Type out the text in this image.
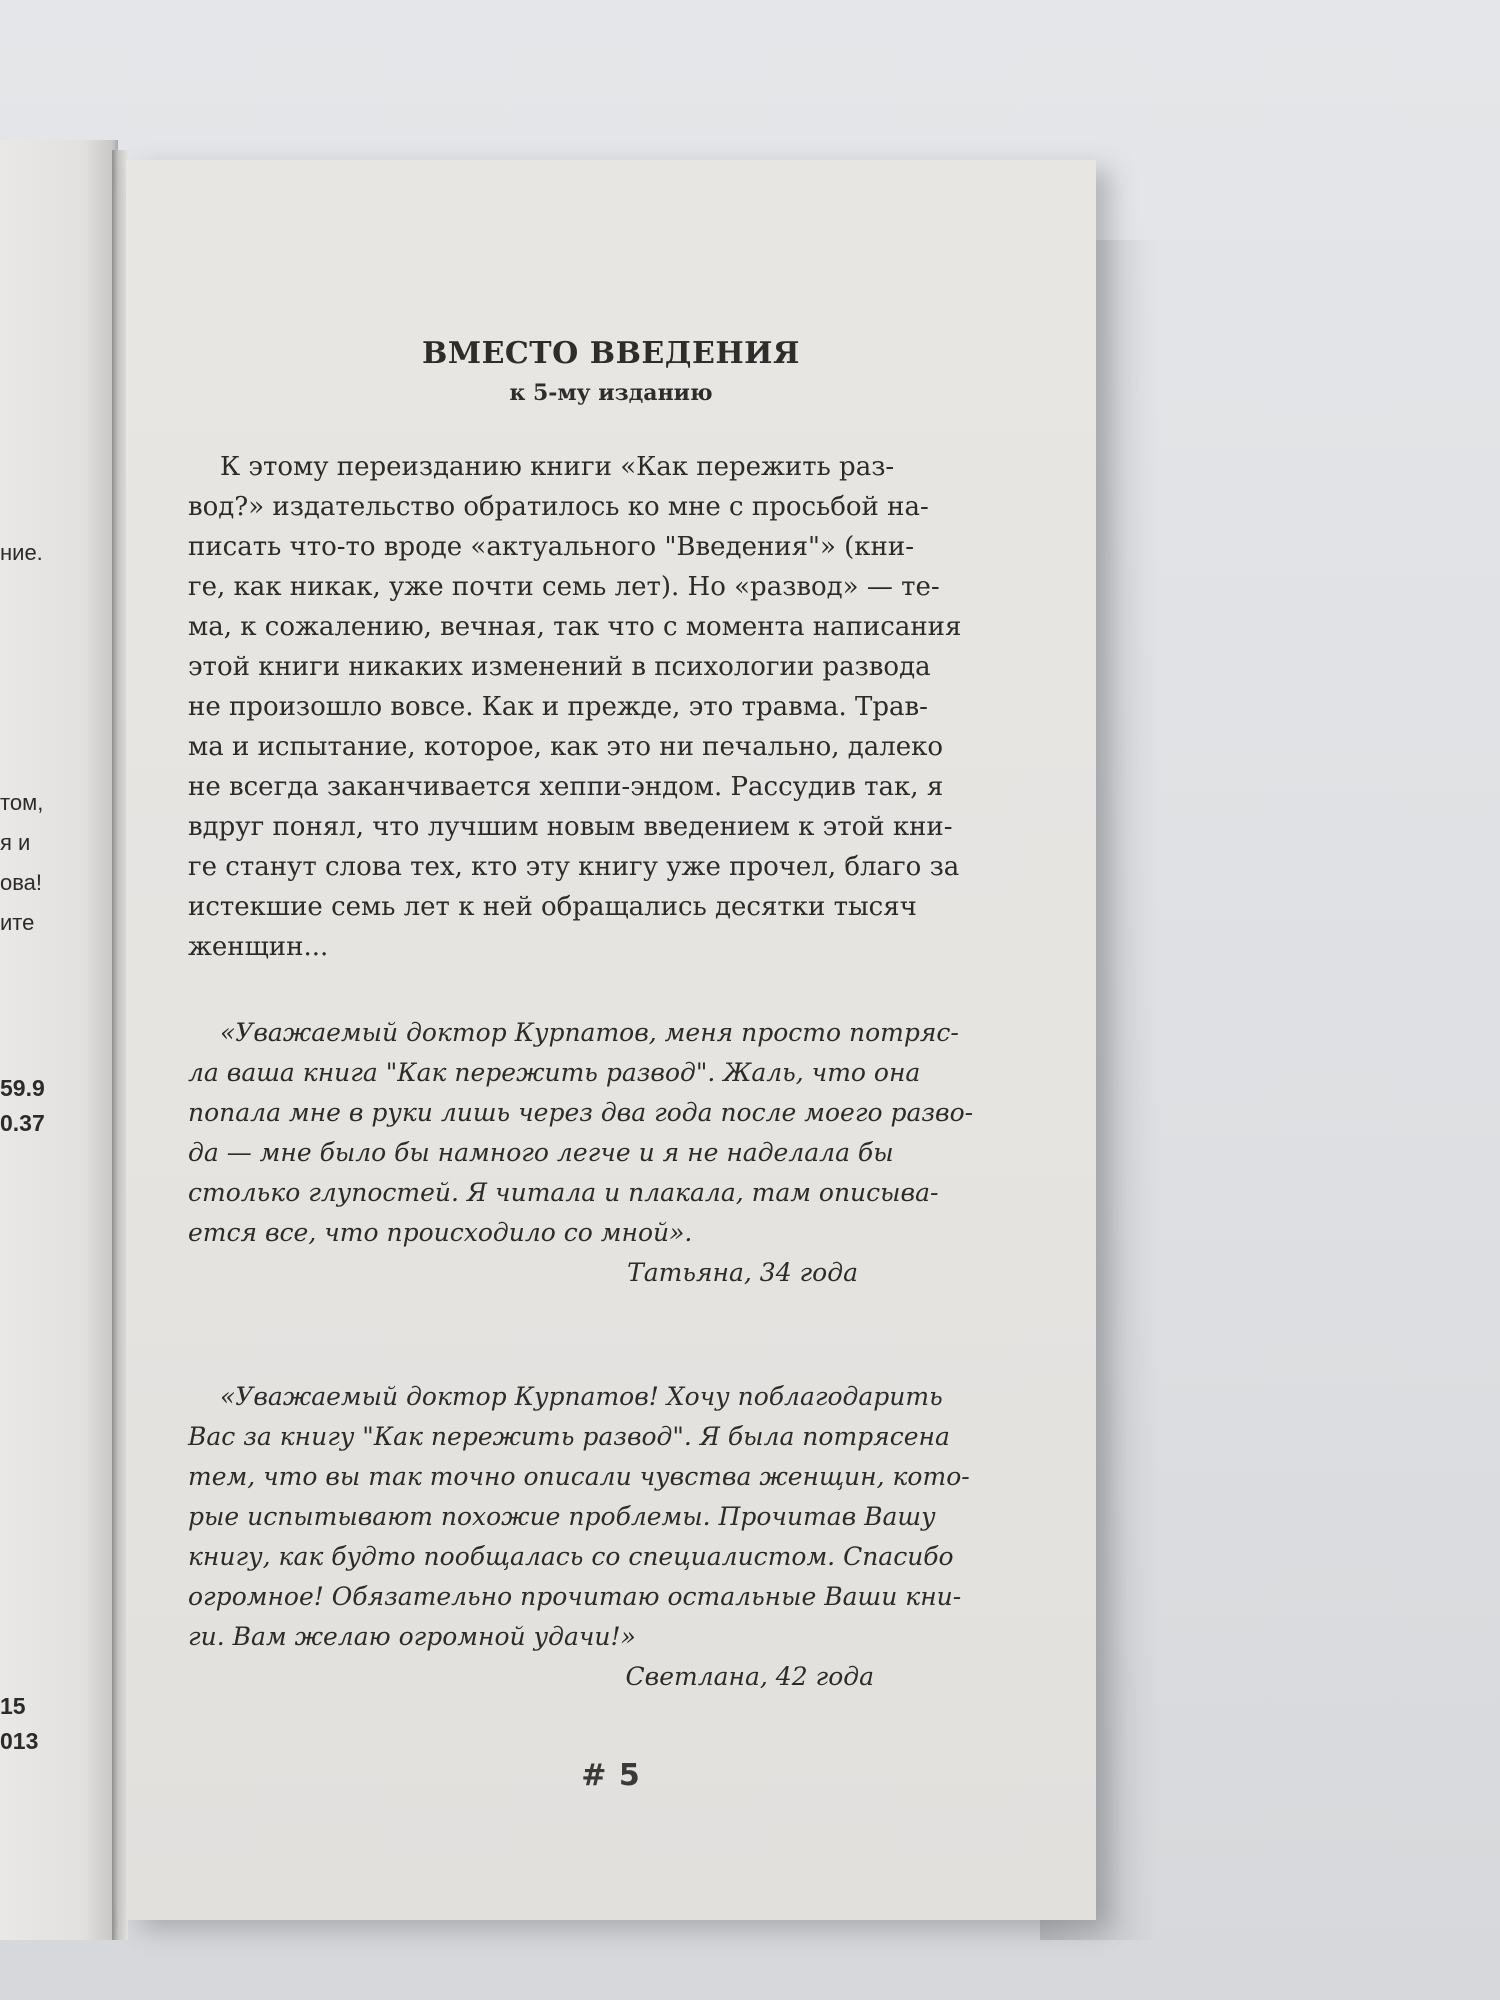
ние.
том,
я и
ова!
ите
59.9
0.37
15
013
ВМЕСТО ВВЕДЕНИЯ
к 5-му изданию
К этому переизданию книги «Как пережить раз-
вод?» издательство обратилось ко мне с просьбой на-
писать что-то вроде «актуального "Введения"» (кни-
ге, как никак, уже почти семь лет). Но «развод» — те-
ма, к сожалению, вечная, так что с момента написания
этой книги никаких изменений в психологии развода
не произошло вовсе. Как и прежде, это травма. Трав-
ма и испытание, которое, как это ни печально, далеко
не всегда заканчивается хеппи-эндом. Рассудив так, я
вдруг понял, что лучшим новым введением к этой кни-
ге станут слова тех, кто эту книгу уже прочел, благо за
истекшие семь лет к ней обращались десятки тысяч
женщин...
«Уважаемый доктор Курпатов, меня просто потряс-
ла ваша книга "Как пережить развод". Жаль, что она
попала мне в руки лишь через два года после моего разво-
да — мне было бы намного легче и я не наделала бы
столько глупостей. Я читала и плакала, там описыва-
ется все, что происходило со мной».
Татьяна, 34 года
«Уважаемый доктор Курпатов! Хочу поблагодарить
Вас за книгу "Как пережить развод". Я была потрясена
тем, что вы так точно описали чувства женщин, кото-
рые испытывают похожие проблемы. Прочитав Вашу
книгу, как будто пообщалась со специалистом. Спасибо
огромное! Обязательно прочитаю остальные Ваши кни-
ги. Вам желаю огромной удачи!»
Светлана, 42 года
# 5
